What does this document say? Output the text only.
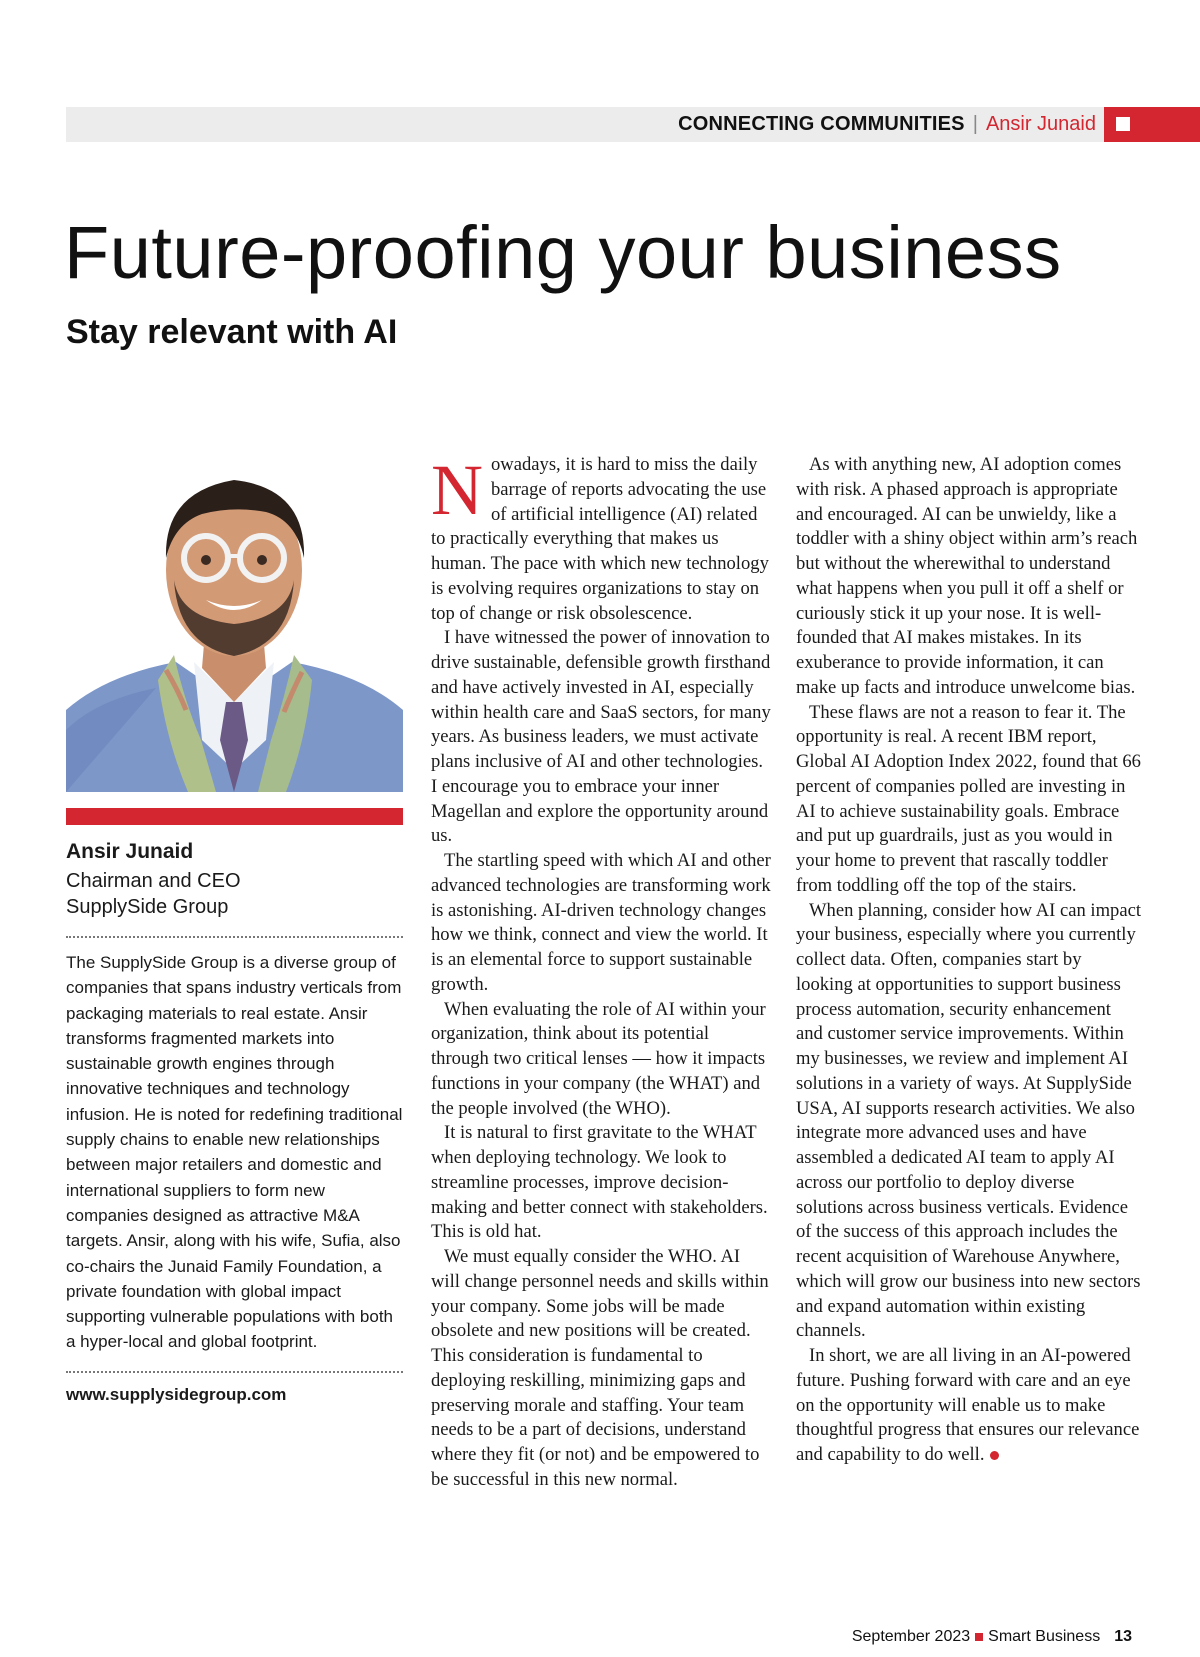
CONNECTING COMMUNITIES | Ansir Junaid
Future-proofing your business
Stay relevant with AI

Ansir Junaid

Chairman and CEO

SupplySide Group

The SupplySide Group is a diverse group of companies that spans industry verticals from packaging materials to real estate. Ansir transforms fragmented markets into sustainable growth engines through innovative techniques and technology infusion. He is noted for redefining traditional supply chains to enable new relationships between major retailers and domestic and international suppliers to form new companies designed as attractive M&A targets. Ansir, along with his wife, Sufia, also co-chairs the Junaid Family Foundation, a private foundation with global impact supporting vulnerable populations with both a hyper-local and global footprint.

www.supplysidegroup.com

Nowadays, it is hard to miss the daily barrage of reports advocating the use of artificial intelligence (AI) related to practically everything that makes us human. The pace with which new technology is evolving requires organizations to stay on top of change or risk obsolescence.

I have witnessed the power of innovation to drive sustainable, defensible growth firsthand and have actively invested in AI, especially within health care and SaaS sectors, for many years. As business leaders, we must activate plans inclusive of AI and other technologies. I encourage you to embrace your inner Magellan and explore the opportunity around us.

The startling speed with which AI and other advanced technologies are transforming work is astonishing. AI-driven technology changes how we think, connect and view the world. It is an elemental force to support sustainable growth.

When evaluating the role of AI within your organization, think about its potential through two critical lenses — how it impacts functions in your company (the WHAT) and the people involved (the WHO).

It is natural to first gravitate to the WHAT when deploying technology. We look to streamline processes, improve decision-making and better connect with stakeholders. This is old hat.

We must equally consider the WHO. AI will change personnel needs and skills within your company. Some jobs will be made obsolete and new positions will be created. This consideration is fundamental to deploying reskilling, minimizing gaps and preserving morale and staffing. Your team needs to be a part of decisions, understand where they fit (or not) and be empowered to be successful in this new normal.

As with anything new, AI adoption comes with risk. A phased approach is appropriate and encouraged. AI can be unwieldy, like a toddler with a shiny object within arm’s reach but without the wherewithal to understand what happens when you pull it off a shelf or curiously stick it up your nose. It is well-founded that AI makes mistakes. In its exuberance to provide information, it can make up facts and introduce unwelcome bias.

These flaws are not a reason to fear it. The opportunity is real. A recent IBM report, Global AI Adoption Index 2022, found that 66 percent of companies polled are investing in AI to achieve sustainability goals. Embrace and put up guardrails, just as you would in your home to prevent that rascally toddler from toddling off the top of the stairs.

When planning, consider how AI can impact your business, especially where you currently collect data. Often, companies start by looking at opportunities to support business process automation, security enhancement and customer service improvements. Within my businesses, we review and implement AI solutions in a variety of ways. At SupplySide USA, AI supports research activities. We also integrate more advanced uses and have assembled a dedicated AI team to apply AI across our portfolio to deploy diverse solutions across business verticals. Evidence of the success of this approach includes the recent acquisition of Warehouse Anywhere, which will grow our business into new sectors and expand automation within existing channels.

In short, we are all living in an AI-powered future. Pushing forward with care and an eye on the opportunity will enable us to make thoughtful progress that ensures our relevance and capability to do well.

September 2023 Smart Business 13
